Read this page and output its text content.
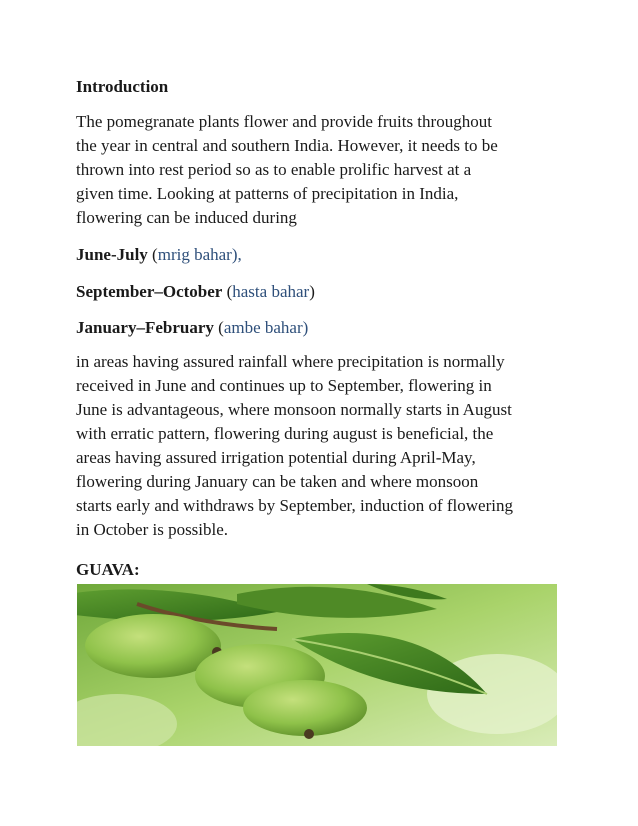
Introduction
The pomegranate plants flower and provide fruits throughout
the year in central and southern India. However, it needs to be
thrown into rest period so as to enable prolific harvest at a
given time. Looking at patterns of precipitation in India,
flowering can be induced during
June-July (mrig bahar),
September–October (hasta bahar)
January–February (ambe bahar)
in areas having assured rainfall where precipitation is normally
received in June and continues up to September, flowering in
June is advantageous, where monsoon normally starts in August
with erratic pattern, flowering during august is beneficial, the
areas having assured irrigation potential during April-May,
flowering during January can be taken and where monsoon
starts early and withdraws by September, induction of flowering
in October is possible.
GUAVA:
